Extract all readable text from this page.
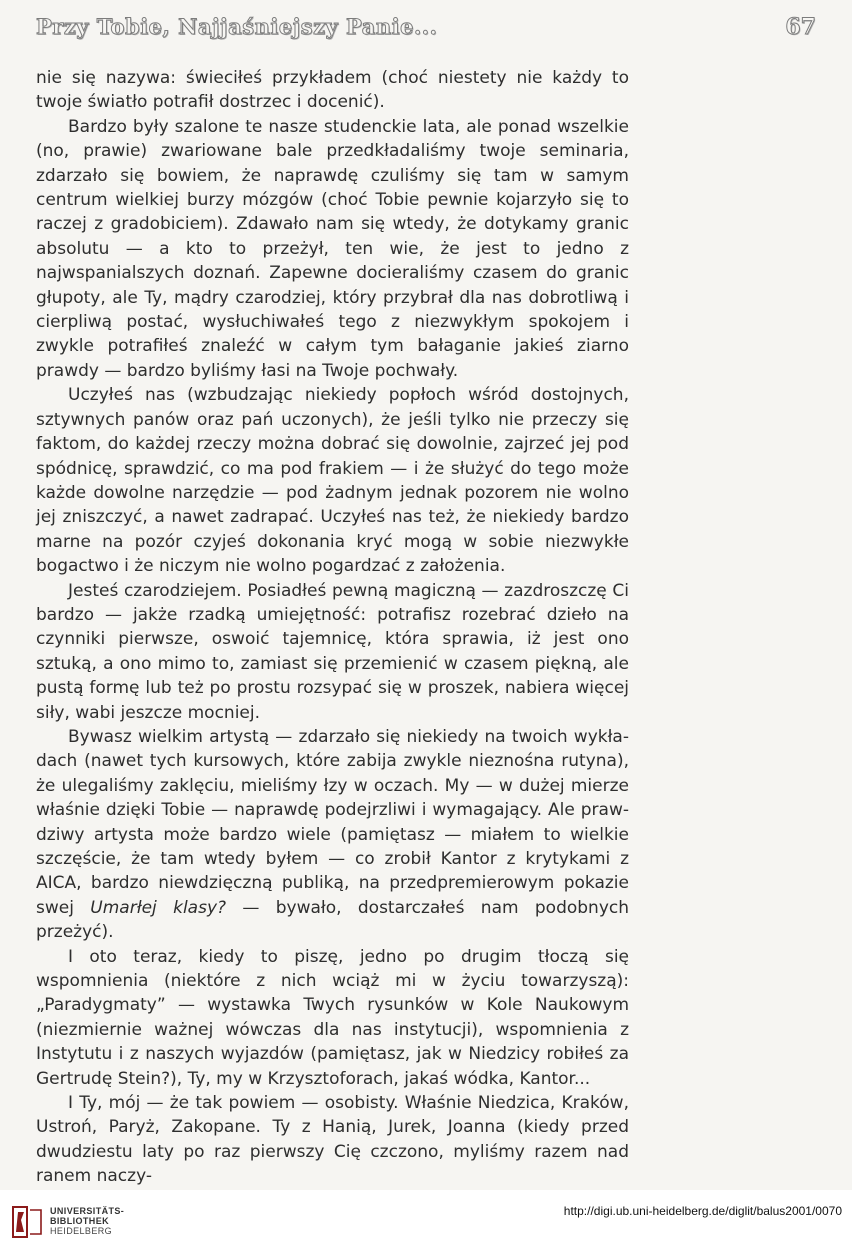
Przy Tobie, Najjaśniejszy Panie...	67

nie się nazywa: świeciłeś przykładem (choć niestety nie każdy to twoje światło potrafił dostrzec i docenić).

Bardzo były szalone te nasze studenckie lata, ale ponad wszelkie (no, prawie) zwariowane bale przedkładaliśmy twoje seminaria, zdarzało się bowiem, że naprawdę czuliśmy się tam w samym centrum wielkiej burzy mózgów (choć Tobie pewnie kojarzyło się to raczej z gradobiciem). Zdawało nam się wtedy, że dotykamy granic absolutu — a kto to przeżył, ten wie, że jest to jedno z najwspanialszych doznań. Zapewne docieraliśmy czasem do granic głupoty, ale Ty, mądry czarodziej, który przybrał dla nas dobrotliwą i cierpliwą postać, wysłuchiwałeś tego z niezwykłym spokojem i zwykle potrafiłeś znaleźć w całym tym bałaganie jakieś ziarno prawdy — bardzo byliśmy łasi na Twoje pochwały.

Uczyłeś nas (wzbudzając niekiedy popłoch wśród dostojnych, sztywnych panów oraz pań uczonych), że jeśli tylko nie przeczy się faktom, do każdej rzeczy można dobrać się dowolnie, zajrzeć jej pod spódnicę, sprawdzić, co ma pod frakiem — i że służyć do tego może każde dowolne narzędzie — pod żadnym jednak pozorem nie wolno jej zniszczyć, a nawet zadrapać. Uczyłeś nas też, że niekiedy bardzo marne na pozór czyjeś dokonania kryć mogą w sobie niezwykłe bogactwo i że niczym nie wolno pogardzać z założenia.

Jesteś czarodziejem. Posiadłeś pewną magiczną — zazdroszczę Ci bardzo — jakże rzadką umiejętność: potrafisz rozebrać dzieło na czynniki pierwsze, oswoić tajemnicę, która sprawia, iż jest ono sztuką, a ono mimo to, zamiast się przemienić w czasem piękną, ale pustą formę lub też po prostu rozsypać się w proszek, nabiera więcej siły, wabi jeszcze mocniej.

Bywasz wielkim artystą — zdarzało się niekiedy na twoich wykładach (nawet tych kursowych, które zabija zwykle nieznośna rutyna), że ulegaliśmy zaklęciu, mieliśmy łzy w oczach. My — w dużej mierze właśnie dzięki Tobie — naprawdę podejrzliwi i wymagający. Ale prawdziwy artysta może bardzo wiele (pamiętasz — miałem to wielkie szczęście, że tam wtedy byłem — co zrobił Kantor z krytykami z AICA, bardzo niewdzięczną publiką, na przedpremierowym pokazie swej Umarłej klasy? — bywało, dostarczałeś nam podobnych przeżyć).

I oto teraz, kiedy to piszę, jedno po drugim tłoczą się wspomnienia (niektóre z nich wciąż mi w życiu towarzyszą): „Paradygmaty” — wystawka Twych rysunków w Kole Naukowym (niezmiernie ważnej wówczas dla nas instytucji), wspomnienia z Instytutu i z naszych wyjazdów (pamiętasz, jak w Niedzicy robiłeś za Gertrudę Stein?), Ty, my w Krzysztoforach, jakaś wódka, Kantor...

I Ty, mój — że tak powiem — osobisty. Właśnie Niedzica, Kraków, Ustroń, Paryż, Zakopane. Ty z Hanią, Jurek, Joanna (kiedy przed dwudziestu laty po raz pierwszy Cię czczono, myliśmy razem nad ranem naczy-

UNIVERSITÄTS-
BIBLIOTHEK
HEIDELBERG
http://digi.ub.uni-heidelberg.de/diglit/balus2001/0070
